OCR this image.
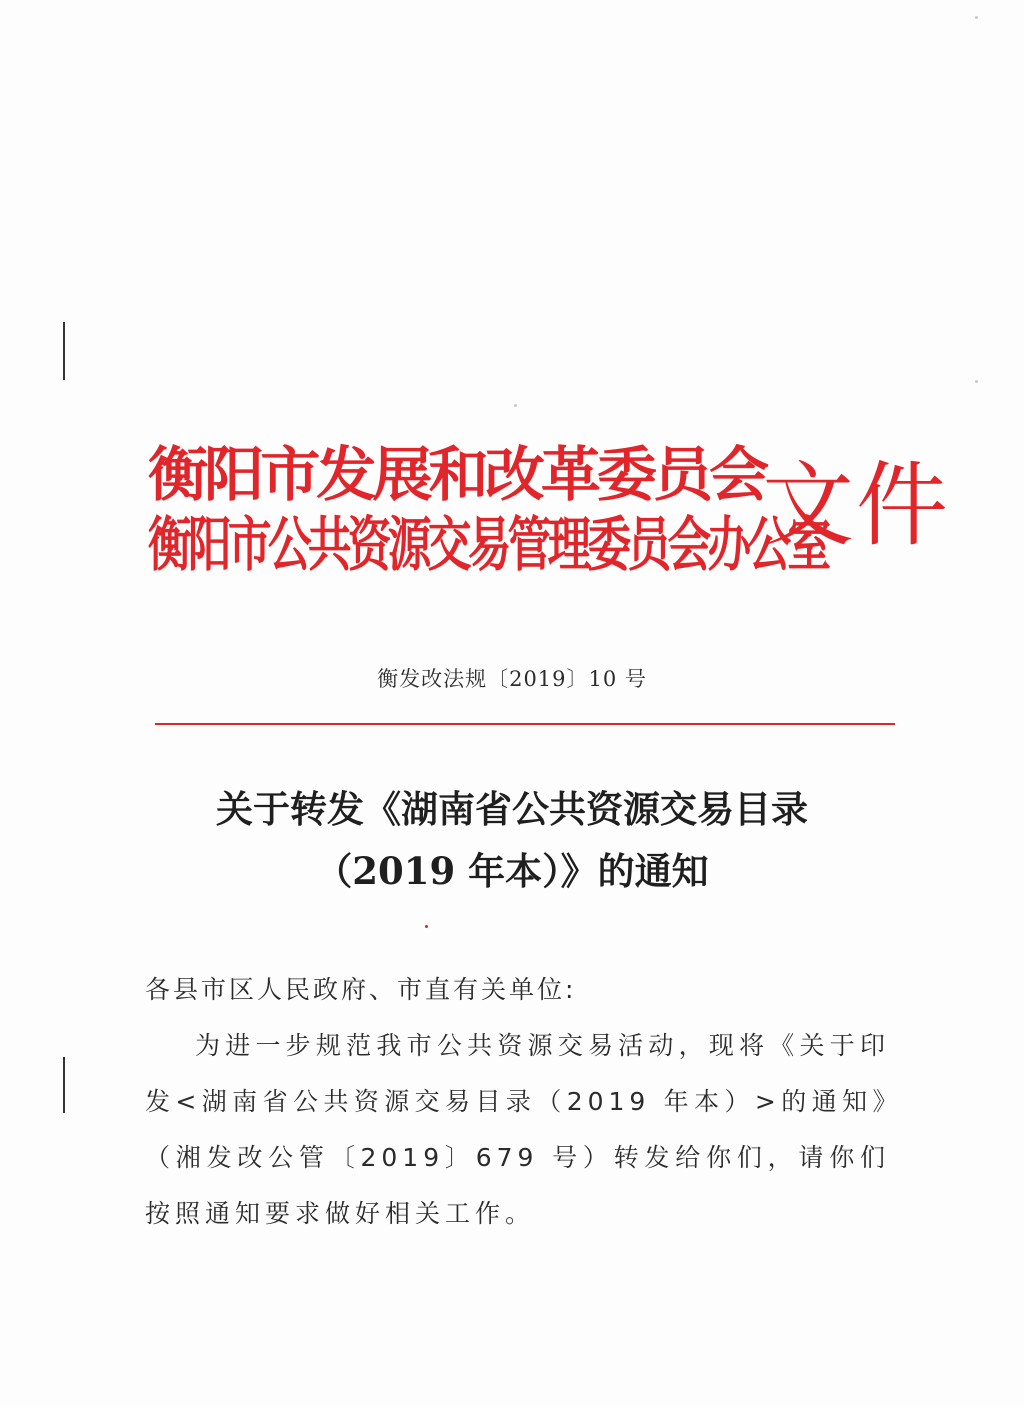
衡阳市发展和改革委员会
衡阳市公共资源交易管理委员会办公室
文件
衡发改法规〔2019〕10 号
关于转发《湖南省公共资源交易目录
（2019 年本）》的通知
各县市区人民政府、市直有关单位:
为进一步规范我市公共资源交易活动，现将《关于印发<湖南省公共资源交易目录（2019 年本）>的通知》（湘发改公管〔2019〕679 号）转发给你们，请你们按照通知要求做好相关工作。
